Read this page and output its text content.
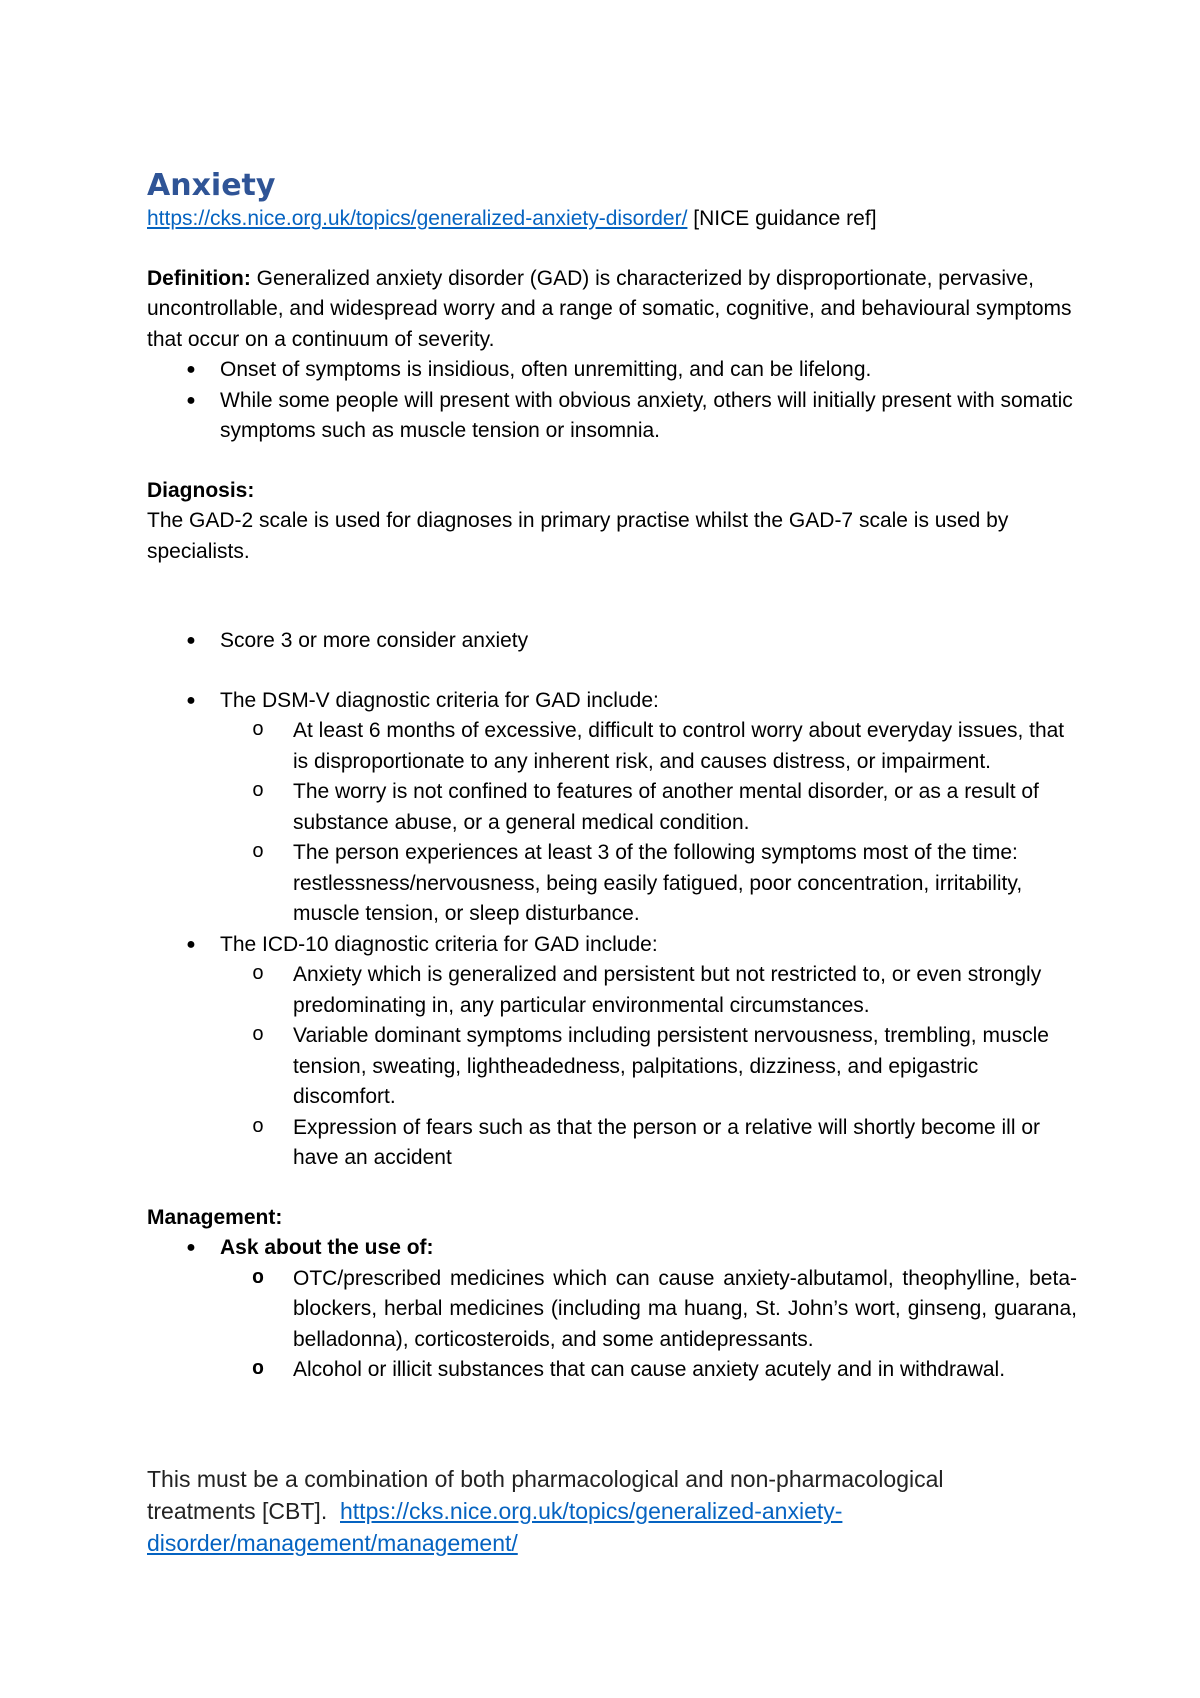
Anxiety

https://cks.nice.org.uk/topics/generalized-anxiety-disorder/ [NICE guidance ref]

Definition: Generalized anxiety disorder (GAD) is characterized by disproportionate, pervasive, uncontrollable, and widespread worry and a range of somatic, cognitive, and behavioural symptoms that occur on a continuum of severity.

● Onset of symptoms is insidious, often unremitting, and can be lifelong.
● While some people will present with obvious anxiety, others will initially present with somatic symptoms such as muscle tension or insomnia.

Diagnosis:

The GAD-2 scale is used for diagnoses in primary practise whilst the GAD-7 scale is used by specialists.

● Score 3 or more consider anxiety
● The DSM-V diagnostic criteria for GAD include:
o At least 6 months of excessive, difficult to control worry about everyday issues, that is disproportionate to any inherent risk, and causes distress, or impairment.
o The worry is not confined to features of another mental disorder, or as a result of substance abuse, or a general medical condition.
o The person experiences at least 3 of the following symptoms most of the time: restlessness/nervousness, being easily fatigued, poor concentration, irritability, muscle tension, or sleep disturbance.
● The ICD-10 diagnostic criteria for GAD include:
o Anxiety which is generalized and persistent but not restricted to, or even strongly predominating in, any particular environmental circumstances.
o Variable dominant symptoms including persistent nervousness, trembling, muscle tension, sweating, lightheadedness, palpitations, dizziness, and epigastric discomfort.
o Expression of fears such as that the person or a relative will shortly become ill or have an accident

Management:

● Ask about the use of:
o OTC/prescribed medicines which can cause anxiety-albutamol, theophylline, beta-blockers, herbal medicines (including ma huang, St. John’s wort, ginseng, guarana, belladonna), corticosteroids, and some antidepressants.
o Alcohol or illicit substances that can cause anxiety acutely and in withdrawal.

This must be a combination of both pharmacological and non-pharmacological treatments [CBT]. https://cks.nice.org.uk/topics/generalized-anxiety-disorder/management/management/
